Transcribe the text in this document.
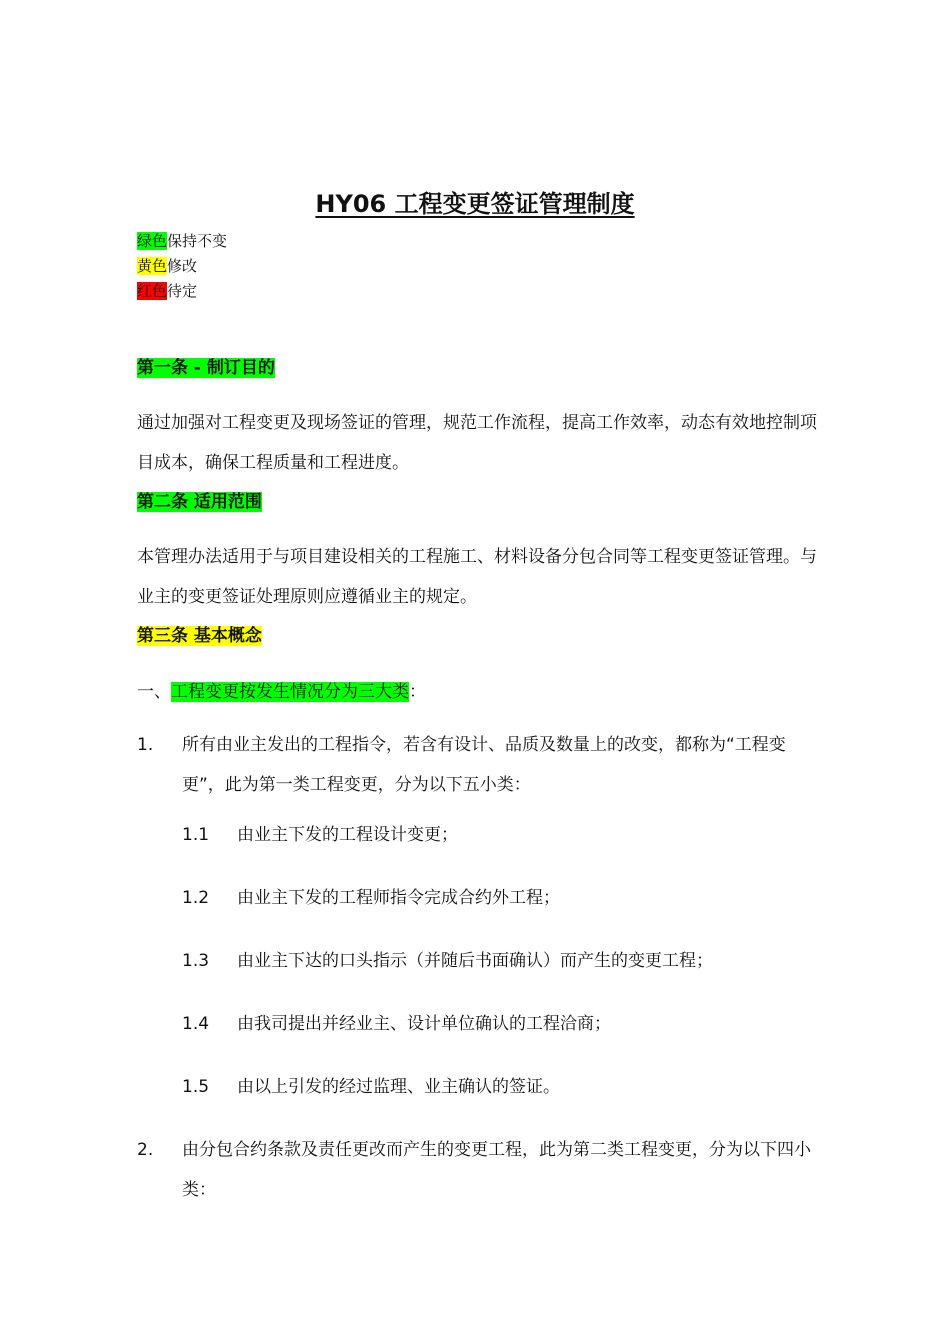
HY06 工程变更签证管理制度
绿色保持不变
黄色修改
红色待定
第一条 - 制订目的
通过加强对工程变更及现场签证的管理，规范工作流程，提高工作效率，动态有效地控制项目成本，确保工程质量和工程进度。
第二条 适用范围
本管理办法适用于与项目建设相关的工程施工、材料设备分包合同等工程变更签证管理。与业主的变更签证处理原则应遵循业主的规定。
第三条 基本概念
一、工程变更按发生情况分为三大类：
1. 所有由业主发出的工程指令，若含有设计、品质及数量上的改变，都称为“工程变更”，此为第一类工程变更，分为以下五小类：
1.1 由业主下发的工程设计变更；
1.2 由业主下发的工程师指令完成合约外工程；
1.3 由业主下达的口头指示（并随后书面确认）而产生的变更工程；
1.4 由我司提出并经业主、设计单位确认的工程洽商；
1.5 由以上引发的经过监理、业主确认的签证。
2. 由分包合约条款及责任更改而产生的变更工程，此为第二类工程变更，分为以下四小类：
